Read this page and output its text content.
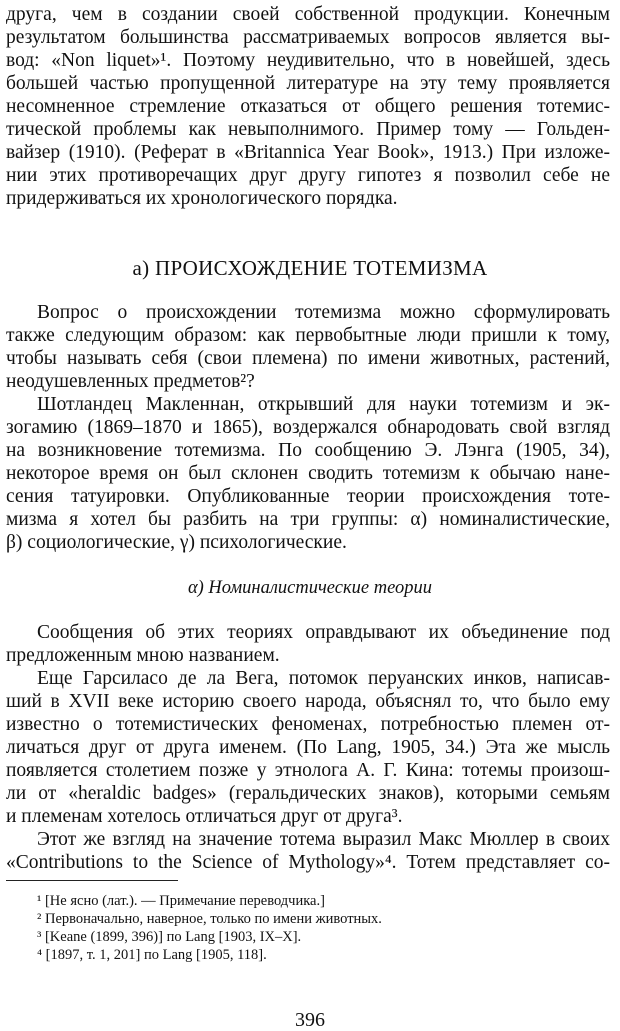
друга, чем в создании своей собственной продукции. Конечным
результатом большинства рассматриваемых вопросов является вы-
вод: «Non liquet»¹. Поэтому неудивительно, что в новейшей, здесь
большей частью пропущенной литературе на эту тему проявляется
несомненное стремление отказаться от общего решения тотемис-
тической проблемы как невыполнимого. Пример тому — Гольден-
вайзер (1910). (Реферат в «Britannica Year Book», 1913.) При изложе-
нии этих противоречащих друг другу гипотез я позволил себе не
придерживаться их хронологического порядка.
a) ПРОИСХОЖДЕНИЕ ТОТЕМИЗМА
Вопрос о происхождении тотемизма можно сформулировать
также следующим образом: как первобытные люди пришли к тому,
чтобы называть себя (свои племена) по имени животных, растений,
неодушевленных предметов²?
Шотландец Макленнан, открывший для науки тотемизм и эк-
зогамию (1869–1870 и 1865), воздержался обнародовать свой взгляд
на возникновение тотемизма. По сообщению Э. Лэнга (1905, 34),
некоторое время он был склонен сводить тотемизм к обычаю нане-
сения татуировки. Опубликованные теории происхождения тоте-
мизма я хотел бы разбить на три группы: α) номиналистические,
β) социологические, γ) психологические.
α) Номиналистические теории
Сообщения об этих теориях оправдывают их объединение под
предложенным мною названием.
Еще Гарсиласо де ла Вега, потомок перуанских инков, написав-
ший в XVII веке историю своего народа, объяснял то, что было ему
известно о тотемистических феноменах, потребностью племен от-
личаться друг от друга именем. (По Lang, 1905, 34.) Эта же мысль
появляется столетием позже у этнолога А. Г. Кина: тотемы произош-
ли от «heraldic badges» (геральдических знаков), которыми семьям
и племенам хотелось отличаться друг от друга³.
Этот же взгляд на значение тотема выразил Макс Мюллер в своих
«Contributions to the Science of Mythology»⁴. Тотем представляет со-
¹ [Не ясно (лат.). — Примечание переводчика.]
² Первоначально, наверное, только по имени животных.
³ [Keane (1899, 396)] по Lang [1903, IX–X].
⁴ [1897, т. 1, 201] по Lang [1905, 118].
396
